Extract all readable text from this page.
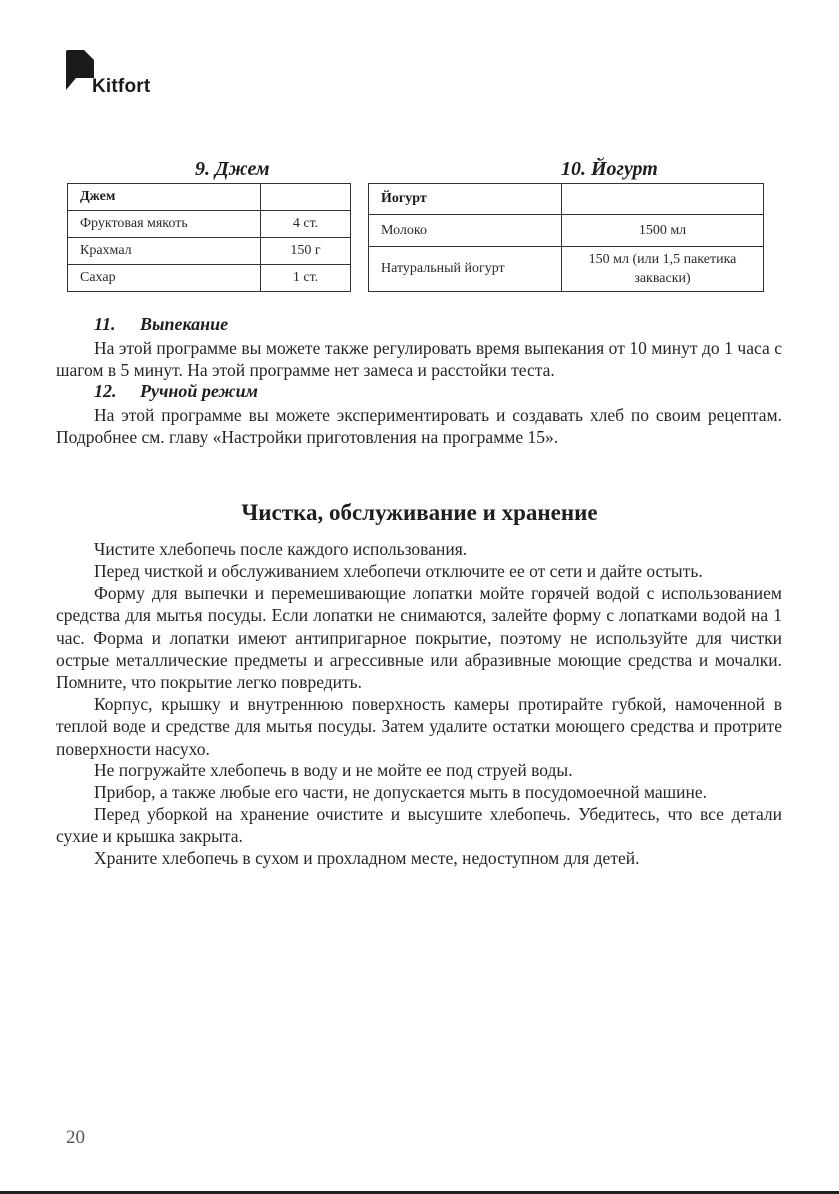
Kitfort
9. Джем
Джем	
Фруктовая мякоть	4 ст.
Крахмал	150 г
Сахар	1 ст.
10. Йогурт
Йогурт	
Молоко	1500 мл
Натуральный йогурт	150 мл (или 1,5 пакетика закваски)
11. Выпекание
На этой программе вы можете также регулировать время выпекания от 10 минут до 1 часа с шагом в 5 минут. На этой программе нет замеса и расстойки теста.
12. Ручной режим
На этой программе вы можете экспериментировать и создавать хлеб по своим рецептам. Подробнее см. главу «Настройки приготовления на программе 15».
Чистка, обслуживание и хранение
Чистите хлебопечь после каждого использования.
Перед чисткой и обслуживанием хлебопечи отключите ее от сети и дайте остыть.
Форму для выпечки и перемешивающие лопатки мойте горячей водой с использованием средства для мытья посуды. Если лопатки не снимаются, залейте форму с лопатками водой на 1 час. Форма и лопатки имеют антипригарное покрытие, поэтому не используйте для чистки острые металлические предметы и агрессивные или абразивные моющие средства и мочалки. Помните, что покрытие легко повредить.
Корпус, крышку и внутреннюю поверхность камеры протирайте губкой, намоченной в теплой воде и средстве для мытья посуды. Затем удалите остатки моющего средства и протрите поверхности насухо.
Не погружайте хлебопечь в воду и не мойте ее под струей воды.
Прибор, а также любые его части, не допускается мыть в посудомоечной машине.
Перед уборкой на хранение очистите и высушите хлебопечь. Убедитесь, что все детали сухие и крышка закрыта.
Храните хлебопечь в сухом и прохладном месте, недоступном для детей.
20
